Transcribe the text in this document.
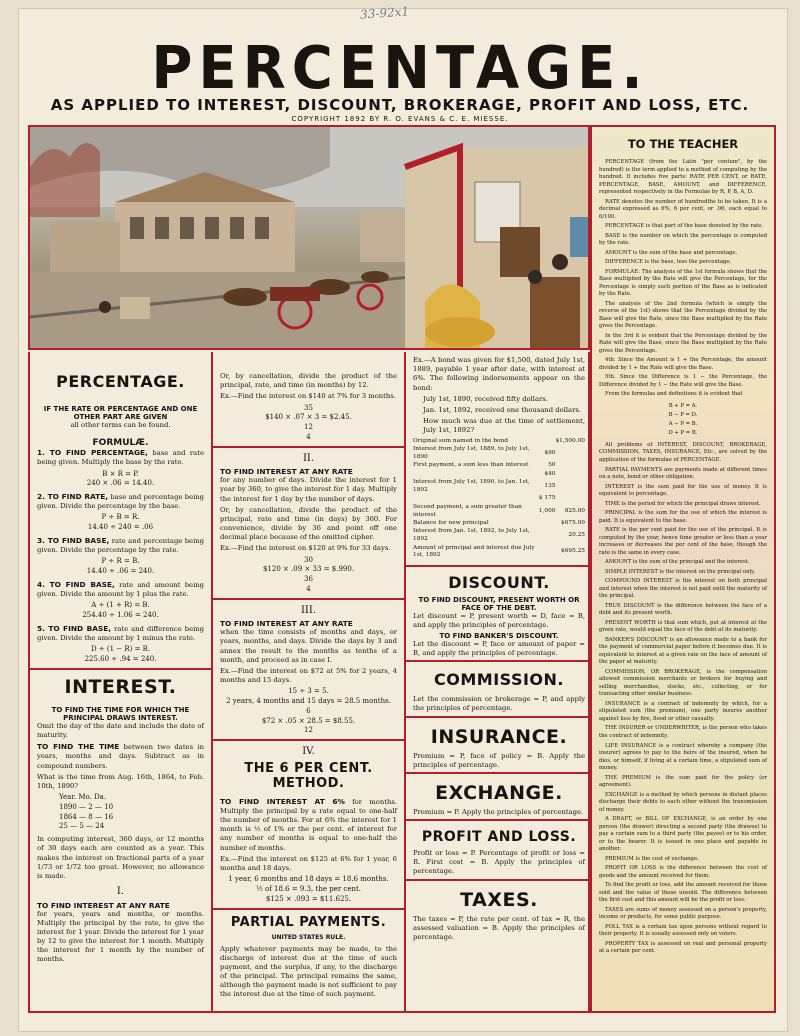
33-92x1
PERCENTAGE.
AS APPLIED TO INTEREST, DISCOUNT, BROKERAGE, PROFIT AND LOSS, ETC.
COPYRIGHT 1892 BY R. O. EVANS & C. E. MIESSE.
TO THE TEACHER

PERCENTAGE (from the Latin "per centum", by the hundred) is the term applied to a method of computing by the hundred. It includes five parts: RATE PER CENT, or RATE, PERCENTAGE, BASE, AMOUNT, and DIFFERENCE, represented respectively in the Formulae by R, P, B, A, D.

RATE denotes the number of hundredths to be taken. It is a decimal expressed as 6%, 6 per cent, or .06, each equal to 6/100.

PERCENTAGE is that part of the base denoted by the rate.

BASE is the number on which the percentage is computed by the rate.

AMOUNT is the sum of the base and percentage.

DIFFERENCE is the base, less the percentage.

FORMULAE: The analysis of the 1st formula shows that the Base multiplied by the Rate will give the Percentage, for the Percentage is simply such portion of the Base as is indicated by the Rate.

The analysis of the 2nd formula (which is simply the reverse of the 1st) shows that the Percentage divided by the Base will give the Rate, since the Base multiplied by the Rate gives the Percentage.

In the 3rd it is evident that the Percentage divided by the Rate will give the Base, since the Base multiplied by the Rate gives the Percentage.

4th. Since the Amount is 1 + the Percentage, the amount divided by 1 + the Rate will give the Base.

5th. Since the Difference is 1 − the Percentage, the Difference divided by 1 − the Rate will give the Base.

From the formulas and definitions it is evident that

B + P = A.
B − P = D.
A − P = B.
D + P = B.

All problems of INTEREST, DISCOUNT, BROKERAGE, COMMISSION, TAXES, INSURANCE, Etc., are solved by the application of the formulae of PERCENTAGE.

PARTIAL PAYMENTS are payments made at different times on a note, bond or other obligation.

INTEREST is the sum paid for the use of money. It is equivalent to percentage.

TIME is the period for which the principal draws interest.

PRINCIPAL is the sum for the use of which the interest is paid. It is equivalent to the base.

RATE is the per cent paid for the use of the principal. It is computed by the year, hence time greater or less than a year increases or decreases the per cent of the base, though the rate is the same in every case.

AMOUNT is the sum of the principal and the interest.

SIMPLE INTEREST is the interest on the principal only.

COMPOUND INTEREST is the interest on both principal and interest when the interest is not paid until the maturity of the principal.

TRUE DISCOUNT is the difference between the face of a debt and its present worth.

PRESENT WORTH is that sum which, put at interest at the given rate, would equal the face of the debt at its maturity.

BANKER'S DISCOUNT is an allowance made to a bank for the payment of commercial paper before it becomes due. It is equivalent to interest at a given rate on the face of amount of the paper at maturity.

COMMISSION, OR BROKERAGE, is the compensation allowed commission merchants or brokers for buying and selling merchandise, stocks, etc., collecting, or for transacting other similar business.

INSURANCE is a contract of indemnity by which, for a stipulated sum (the premium), one party insures another against loss by fire, flood or other casualty.

THE INSURER or UNDERWRITER, is the person who takes the contract of indemnity.

LIFE INSURANCE is a contract whereby a company (the insurer) agrees to pay to the heirs of the insured, when he dies, or himself, if living at a certain time, a stipulated sum of money.

THE PREMIUM is the sum paid for the policy (or agreement).

EXCHANGE is a method by which persons in distant places discharge their debts to each other without the transmission of money.

A DRAFT, or BILL OF EXCHANGE, is an order by one person (the drawer) directing a second party (the drawee) to pay a certain sum to a third party (the payee) or to his order, or to the bearer. It is issued in one place and payable in another.

PREMIUM is the cost of exchange.

PROFIT OR LOSS is the difference between the cost of goods and the amount received for them.

To find the profit or loss, add the amount received for those sold and the value of those unsold. The difference between the first cost and this amount will be the profit or loss.

TAXES are sums of money assessed on a person's property, income or products, for some public purpose.

POLL TAX is a certain tax upon persons without regard to their property. It is usually assessed only on voters.

PROPERTY TAX is assessed on real and personal property at a certain per cent.

PERCENTAGE.
IF THE RATE OR PERCENTAGE AND ONE OTHER PART ARE GIVEN

all other terms can be found.

FORMULÆ.

1. TO FIND PERCENTAGE, base and rate being given. Multiply the base by the rate.

B × R = P.
240 × .06 = 14.40.

2. TO FIND RATE, base and percentage being given. Divide the percentage by the base.

P ÷ B = R.
14.40 ÷ 240 = .06

3. TO FIND BASE, rate and percentage being given. Divide the percentage by the rate.

P ÷ R = B.
14.40 ÷ .06 = 240.

4. TO FIND BASE, rate and amount being given. Divide the amount by 1 plus the rate.

A ÷ (1 + R) = B.
254.40 ÷ 1.06 = 240.

5. TO FIND BASE, rate and difference being given. Divide the amount by 1 minus the rate.

D ÷ (1 − R) = B.
225.60 ÷ .94 = 240.
INTEREST.
TO FIND THE TIME FOR WHICH THE PRINCIPAL DRAWS INTEREST.

Omit the day of the date and include the date of maturity.

TO FIND THE TIME between two dates in years, months and days. Subtract as in compound numbers.

What is the time from Aug. 16th, 1864, to Feb. 10th, 1890?

Year. Mo. Da.
1890 — 2 — 10
1864 — 8 — 16
25 — 5 — 24

In computing interest, 360 days, or 12 months of 30 days each are counted as a year. This makes the interest on fractional parts of a year 1/73 or 1/72 too great. However, no allowance is made.

I.
TO FIND INTEREST AT ANY RATE

for years, years and months, or months. Multiply the principal by the rate, to give the interest for 1 year. Divide the interest for 1 year by 12 to give the interest for 1 month. Multiply the interest for 1 month by the number of months.

Or, by cancellation, divide the product of the principal, rate, and time (in months) by 12.

Ex.—Find the interest on $140 at 7% for 3 months.

35
$140 × .07 × 3 = $2.45.
12
4
II.
TO FIND INTEREST AT ANY RATE

for any number of days. Divide the interest for 1 year by 360, to give the interest for 1 day. Multiply the interest for 1 day by the number of days.

Or, by cancellation, divide the product of the principal, rate and time (in days) by 360. For convenience, divide by 36 and point off one decimal place because of the omitted cipher.

Ex.—Find the interest on $120 at 9% for 33 days.

30
$120 × .09 × 33 = $.990.
36
4
III.
TO FIND INTEREST AT ANY RATE

when the time consists of months and days, or years, months, and days. Divide the days by 3 and annex the result to the months as tenths of a month, and proceed as in case I.

Ex.—Find the interest on $72 at 5% for 2 years, 4 months and 15 days.

15 ÷ 3 = 5.
2 years, 4 months and 15 days = 28.5 months.
6
$72 × .05 × 28.5 = $8.55.
12
IV.
THE 6 PER CENT. METHOD.

TO FIND INTEREST AT 6% for months. Multiply the principal by a rate equal to one-half the number of months. For at 6% the interest for 1 month is ½ of 1% or the per cent. of interest for any number of months is equal to one-half the number of months.

Ex.—Find the interest on $125 at 6% for 1 year, 6 months and 18 days.

1 year, 6 months and 18 days = 18.6 months.
½ of 18.6 = 9.3, the per cent.
$125 × .093 = $11.625.
PARTIAL PAYMENTS.
UNITED STATES RULE.

Apply whatever payments may be made, to the discharge of interest due at the time of such payment, and the surplus, if any, to the discharge of the principal. The principal remains the same, although the payment made is not sufficient to pay the interest due at the time of such payment.

Ex.—A bond was given for $1,500, dated July 1st, 1889, payable 1 year after date, with interest at 6%. The following indorsements appear on the bond:

July 1st, 1890, received fifty dollars.

Jan. 1st, 1892, received one thousand dollars.

How much was due at the time of settlement, July 1st, 1892?

Original sum named in the bond		$1,500.00
Interest from July 1st, 1889, to July 1st, 1890	$90	
First payment, a sum less than interest	50	
	$40	
Interest from July 1st, 1890, to Jan. 1st, 1892	135	
	$ 175	
Second payment, a sum greater than interest	1,000	825.00
Balance for new principal		$675.00
Interest from Jan. 1st, 1892, to July 1st, 1892		20.25
Amount of principal and interest due July 1st, 1892		$695.25
DISCOUNT.
TO FIND DISCOUNT, PRESENT WORTH OR FACE OF THE DEBT.

Let discount = P, present worth = D, face = B, and apply the principles of percentage.

TO FIND BANKER'S DISCOUNT.

Let the discount = P, face or amount of paper = B, and apply the principles of percentage.

COMMISSION.

Let the commission or brokerage = P, and apply the principles of percentage.

INSURANCE.

Premium = P, face of policy = B. Apply the principles of percentage.

EXCHANGE.

Premium = P. Apply the principles of percentage.

PROFIT AND LOSS.

Profit or loss = P. Percentage of profit or loss = R. First cost = B. Apply the principles of percentage.

TAXES.

The taxes = P, the rate per cent. of tax = R, the assessed valuation = B. Apply the principles of percentage.
